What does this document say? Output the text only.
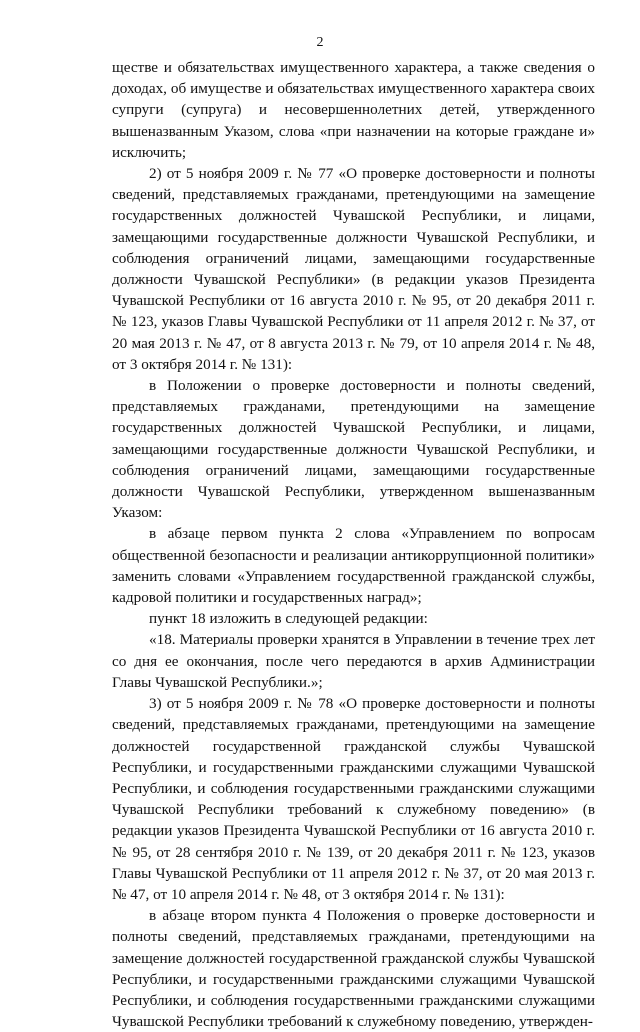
2

ществе и обязательствах имущественного характера, а также сведения о доходах, об имуществе и обязательствах имущественного характера своих супруги (супруга) и несовершеннолетних детей, утвержденного вышеназванным Указом, слова «при назначении на которые граждане и» исключить;

2) от 5 ноября 2009 г. № 77 «О проверке достоверности и полноты сведений, представляемых гражданами, претендующими на замещение государственных должностей Чувашской Республики, и лицами, замещающими государственные должности Чувашской Республики, и соблюдения ограничений лицами, замещающими государственные должности Чувашской Республики» (в редакции указов Президента Чувашской Республики от 16 августа 2010 г. № 95, от 20 декабря 2011 г. № 123, указов Главы Чувашской Республики от 11 апреля 2012 г. № 37, от 20 мая 2013 г. № 47, от 8 августа 2013 г. № 79, от 10 апреля 2014 г. № 48, от 3 октября 2014 г. № 131):

в Положении о проверке достоверности и полноты сведений, представляемых гражданами, претендующими на замещение государственных должностей Чувашской Республики, и лицами, замещающими государственные должности Чувашской Республики, и соблюдения ограничений лицами, замещающими государственные должности Чувашской Республики, утвержденном вышеназванным Указом:

в абзаце первом пункта 2 слова «Управлением по вопросам общественной безопасности и реализации антикоррупционной политики» заменить словами «Управлением государственной гражданской службы, кадровой политики и государственных наград»;

пункт 18 изложить в следующей редакции:

«18. Материалы проверки хранятся в Управлении в течение трех лет со дня ее окончания, после чего передаются в архив Администрации Главы Чувашской Республики.»;

3) от 5 ноября 2009 г. № 78 «О проверке достоверности и полноты сведений, представляемых гражданами, претендующими на замещение должностей государственной гражданской службы Чувашской Республики, и государственными гражданскими служащими Чувашской Республики, и соблюдения государственными гражданскими служащими Чувашской Республики требований к служебному поведению» (в редакции указов Президента Чувашской Республики от 16 августа 2010 г. № 95, от 28 сентября 2010 г. № 139, от 20 декабря 2011 г. № 123, указов Главы Чувашской Республики от 11 апреля 2012 г. № 37, от 20 мая 2013 г. № 47, от 10 апреля 2014 г. № 48, от 3 октября 2014 г. № 131):

в абзаце втором пункта 4 Положения о проверке достоверности и полноты сведений, представляемых гражданами, претендующими на замещение должностей государственной гражданской службы Чувашской Республики, и государственными гражданскими служащими Чувашской Республики, и соблюдения государственными гражданскими служащими Чувашской Республики требований к служебному поведению, утвержден-
